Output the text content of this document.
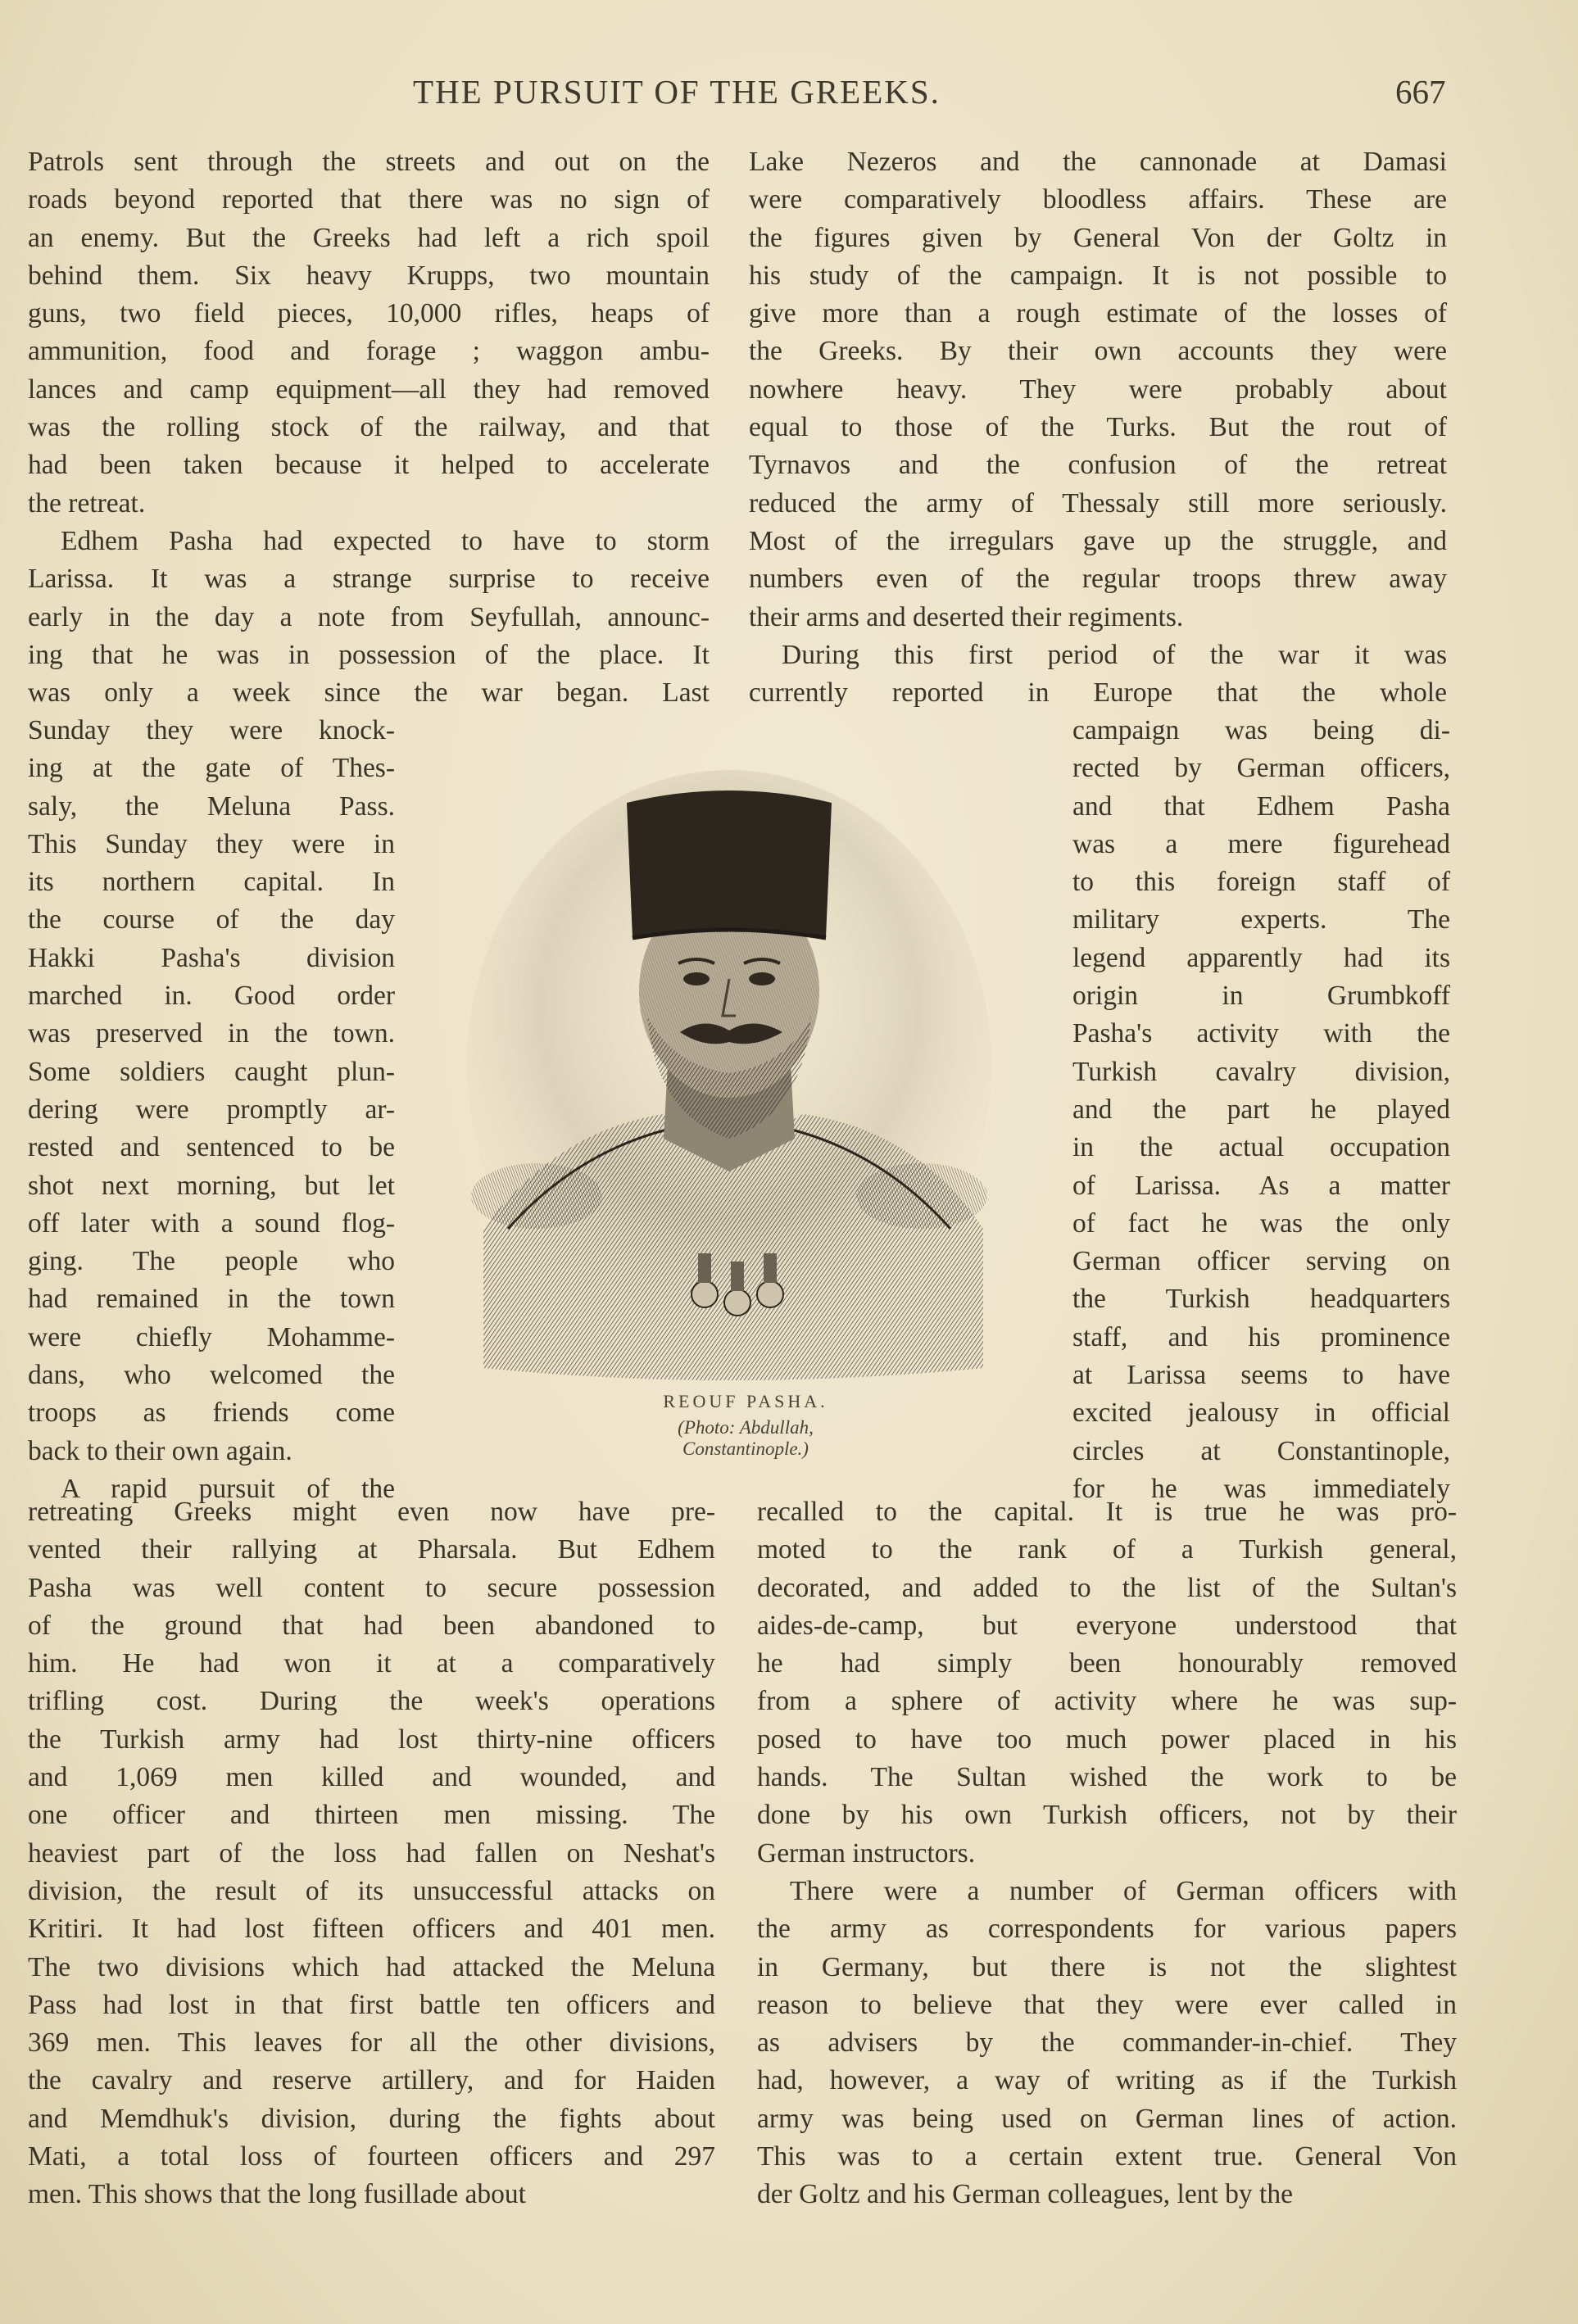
THE PURSUIT OF THE GREEKS.	667
Patrols sent through the streets and out on the
roads beyond reported that there was no sign of
an enemy. But the Greeks had left a rich spoil
behind them. Six heavy Krupps, two mountain
guns, two field pieces, 10,000 rifles, heaps of
ammunition, food and forage ; waggon ambu-
lances and camp equipment—all they had removed
was the rolling stock of the railway, and that
had been taken because it helped to accelerate
the retreat.
Edhem Pasha had expected to have to storm
Larissa. It was a strange surprise to receive
early in the day a note from Seyfullah, announc-
ing that he was in possession of the place. It
was only a week since the war began. Last
Sunday they were knock-
ing at the gate of Thes-
saly, the Meluna Pass.
This Sunday they were in
its northern capital. In
the course of the day
Hakki Pasha's division
marched in. Good order
was preserved in the town.
Some soldiers caught plun-
dering were promptly ar-
rested and sentenced to be
shot next morning, but let
off later with a sound flog-
ging. The people who
had remained in the town
were chiefly Mohamme-
dans, who welcomed the
troops as friends come
back to their own again.
A rapid pursuit of the
retreating Greeks might even now have pre-
vented their rallying at Pharsala. But Edhem
Pasha was well content to secure possession
of the ground that had been abandoned to
him. He had won it at a comparatively
trifling cost. During the week's operations
the Turkish army had lost thirty-nine officers
and 1,069 men killed and wounded, and
one officer and thirteen men missing. The
heaviest part of the loss had fallen on Neshat's
division, the result of its unsuccessful attacks on
Kritiri. It had lost fifteen officers and 401 men.
The two divisions which had attacked the Meluna
Pass had lost in that first battle ten officers and
369 men. This leaves for all the other divisions,
the cavalry and reserve artillery, and for Haiden
and Memdhuk's division, during the fights about
Mati, a total loss of fourteen officers and 297
men. This shows that the long fusillade about
Lake Nezeros and the cannonade at Damasi
were comparatively bloodless affairs. These are
the figures given by General Von der Goltz in
his study of the campaign. It is not possible to
give more than a rough estimate of the losses of
the Greeks. By their own accounts they were
nowhere heavy. They were probably about
equal to those of the Turks. But the rout of
Tyrnavos and the confusion of the retreat
reduced the army of Thessaly still more seriously.
Most of the irregulars gave up the struggle, and
numbers even of the regular troops threw away
their arms and deserted their regiments.
During this first period of the war it was
currently reported in Europe that the whole
campaign was being di-
rected by German officers,
and that Edhem Pasha
was a mere figurehead
to this foreign staff of
military experts. The
legend apparently had its
origin in Grumbkoff
Pasha's activity with the
Turkish cavalry division,
and the part he played
in the actual occupation
of Larissa. As a matter
of fact he was the only
German officer serving on
the Turkish headquarters
staff, and his prominence
at Larissa seems to have
excited jealousy in official
circles at Constantinople,
for he was immediately
recalled to the capital. It is true he was pro-
moted to the rank of a Turkish general,
decorated, and added to the list of the Sultan's
aides-de-camp, but everyone understood that
he had simply been honourably removed
from a sphere of activity where he was sup-
posed to have too much power placed in his
hands. The Sultan wished the work to be
done by his own Turkish officers, not by their
German instructors.
There were a number of German officers with
the army as correspondents for various papers
in Germany, but there is not the slightest
reason to believe that they were ever called in
as advisers by the commander-in-chief. They
had, however, a way of writing as if the Turkish
army was being used on German lines of action.
This was to a certain extent true. General Von
der Goltz and his German colleagues, lent by the
REOUF PASHA.
(Photo: Abdullah, Constantinople.)
